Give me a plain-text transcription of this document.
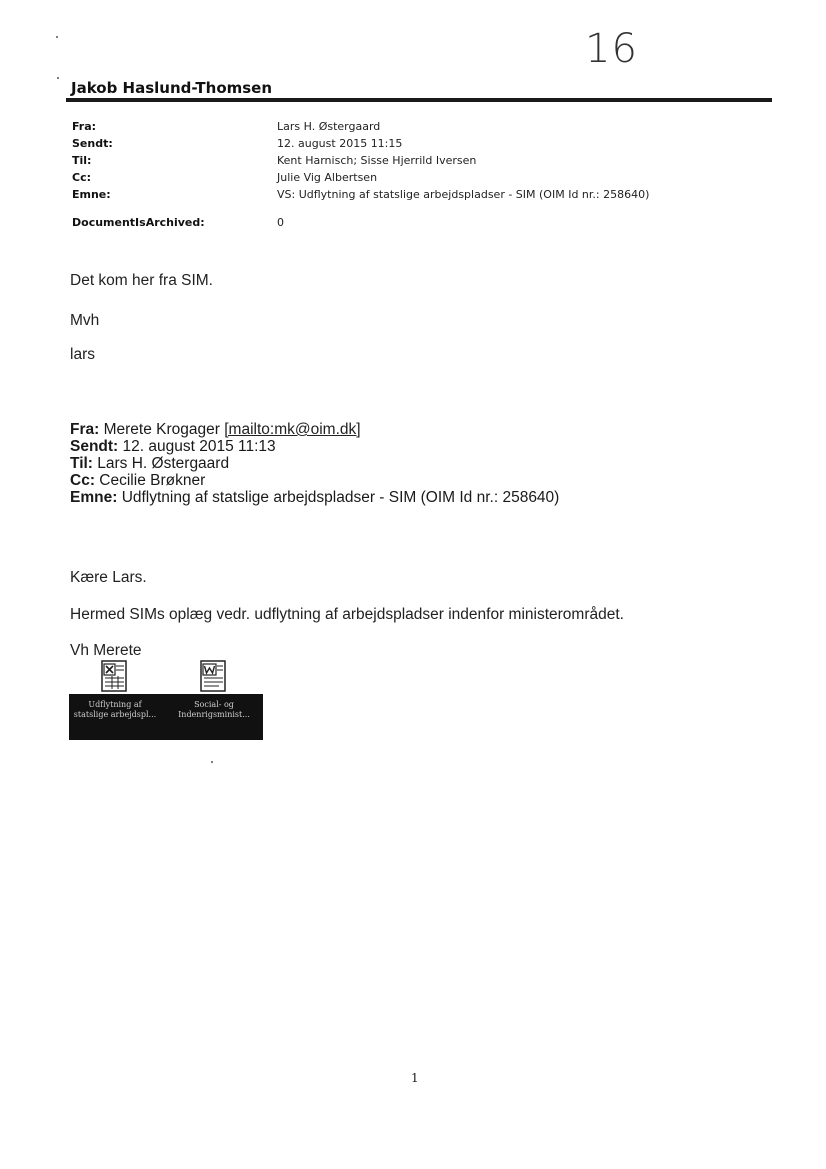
16
Jakob Haslund-Thomsen
Fra:	Lars H. Østergaard
Sendt:	12. august 2015 11:15
Til:	Kent Harnisch; Sisse Hjerrild Iversen
Cc:	Julie Vig Albertsen
Emne:	VS: Udflytning af statslige arbejdspladser - SIM (OIM Id nr.: 258640)
DocumentIsArchived:	0
Det kom her fra SIM.
Mvh
lars
Fra: Merete Krogager [mailto:mk@oim.dk]
Sendt: 12. august 2015 11:13
Til: Lars H. Østergaard
Cc: Cecilie Brøkner
Emne: Udflytning af statslige arbejdspladser - SIM (OIM Id nr.: 258640)
Kære Lars.
Hermed SIMs oplæg vedr. udflytning af arbejdspladser indenfor ministerområdet.
Vh Merete
Udflytning af
statslige arbejdspl...
Social- og
Indenrigsminist...
1
